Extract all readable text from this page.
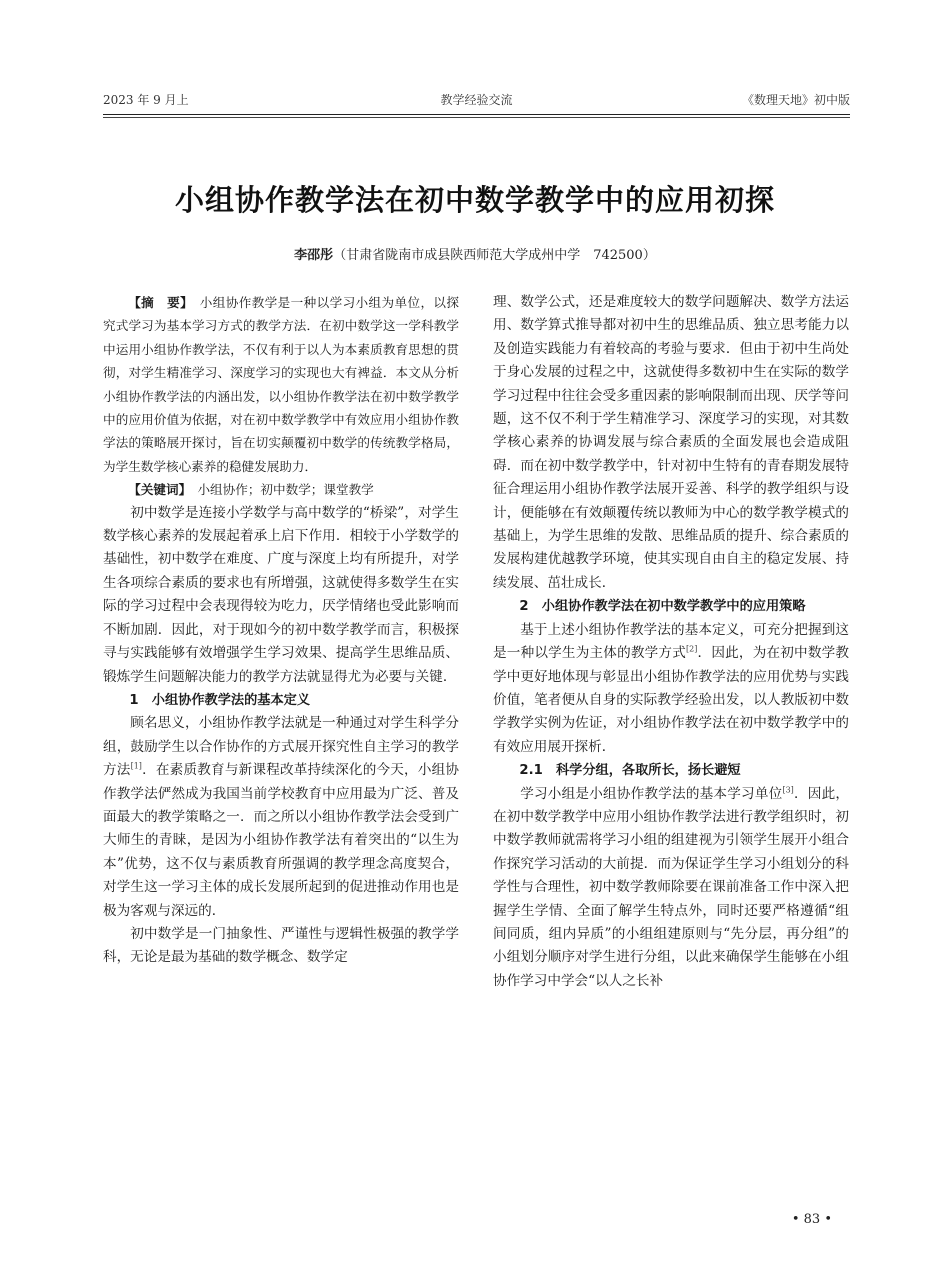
2023 年 9 月上	教学经验交流	《数理天地》初中版
小组协作教学法在初中数学教学中的应用初探
李邵彤（甘肃省陇南市成县陕西师范大学成州中学　742500）

【摘　要】　 小组协作教学是一种以学习小组为单位，以探究式学习为基本学习方式的教学方法．在初中数学这一学科教学中运用小组协作教学法，不仅有利于以人为本素质教育思想的贯彻，对学生精准学习、深度学习的实现也大有裨益．本文从分析小组协作教学法的内涵出发，以小组协作教学法在初中数学教学中的应用价值为依据，对在初中数学教学中有效应用小组协作教学法的策略展开探讨，旨在切实颠覆初中数学的传统教学格局，为学生数学核心素养的稳健发展助力．

【关键词】　 小组协作；初中数学；课堂教学

初中数学是连接小学数学与高中数学的“桥梁”，对学生数学核心素养的发展起着承上启下作用．相较于小学数学的基础性，初中数学在难度、广度与深度上均有所提升，对学生各项综合素质的要求也有所增强，这就使得多数学生在实际的学习过程中会表现得较为吃力，厌学情绪也受此影响而不断加剧．因此，对于现如今的初中数学教学而言，积极探寻与实践能够有效增强学生学习效果、提高学生思维品质、锻炼学生问题解决能力的教学方法就显得尤为必要与关键．

1　小组协作教学法的基本定义

顾名思义，小组协作教学法就是一种通过对学生科学分组，鼓励学生以合作协作的方式展开探究性自主学习的教学方法[1]．在素质教育与新课程改革持续深化的今天，小组协作教学法俨然成为我国当前学校教育中应用最为广泛、普及面最大的教学策略之一．而之所以小组协作教学法会受到广大师生的青睐，是因为小组协作教学法有着突出的“以生为本”优势，这不仅与素质教育所强调的教学理念高度契合，对学生这一学习主体的成长发展所起到的促进推动作用也是极为客观与深远的．

初中数学是一门抽象性、严谨性与逻辑性极强的教学学科，无论是最为基础的数学概念、数学定

理、数学公式，还是难度较大的数学问题解决、数学方法运用、数学算式推导都对初中生的思维品质、独立思考能力以及创造实践能力有着较高的考验与要求．但由于初中生尚处于身心发展的过程之中，这就使得多数初中生在实际的数学学习过程中往往会受多重因素的影响限制而出现、厌学等问题，这不仅不利于学生精准学习、深度学习的实现，对其数学核心素养的协调发展与综合素质的全面发展也会造成阻碍．而在初中数学教学中，针对初中生特有的青春期发展特征合理运用小组协作教学法展开妥善、科学的教学组织与设计，便能够在有效颠覆传统以教师为中心的数学教学模式的基础上，为学生思维的发散、思维品质的提升、综合素质的发展构建优越教学环境，使其实现自由自主的稳定发展、持续发展、茁壮成长．

2　小组协作教学法在初中数学教学中的应用策略

基于上述小组协作教学法的基本定义，可充分把握到这是一种以学生为主体的教学方式[2]．因此，为在初中数学教学中更好地体现与彰显出小组协作教学法的应用优势与实践价值，笔者便从自身的实际教学经验出发，以人教版初中数学教学实例为佐证，对小组协作教学法在初中数学教学中的有效应用展开探析．

2.1　科学分组，各取所长，扬长避短

学习小组是小组协作教学法的基本学习单位[3]．因此，在初中数学教学中应用小组协作教学法进行教学组织时，初中数学教师就需将学习小组的组建视为引领学生展开小组合作探究学习活动的大前提．而为保证学生学习小组划分的科学性与合理性，初中数学教师除要在课前准备工作中深入把握学生学情、全面了解学生特点外，同时还要严格遵循“组间同质，组内异质”的小组组建原则与“先分层，再分组”的小组划分顺序对学生进行分组，以此来确保学生能够在小组协作学习中学会“以人之长补

• 83 •
